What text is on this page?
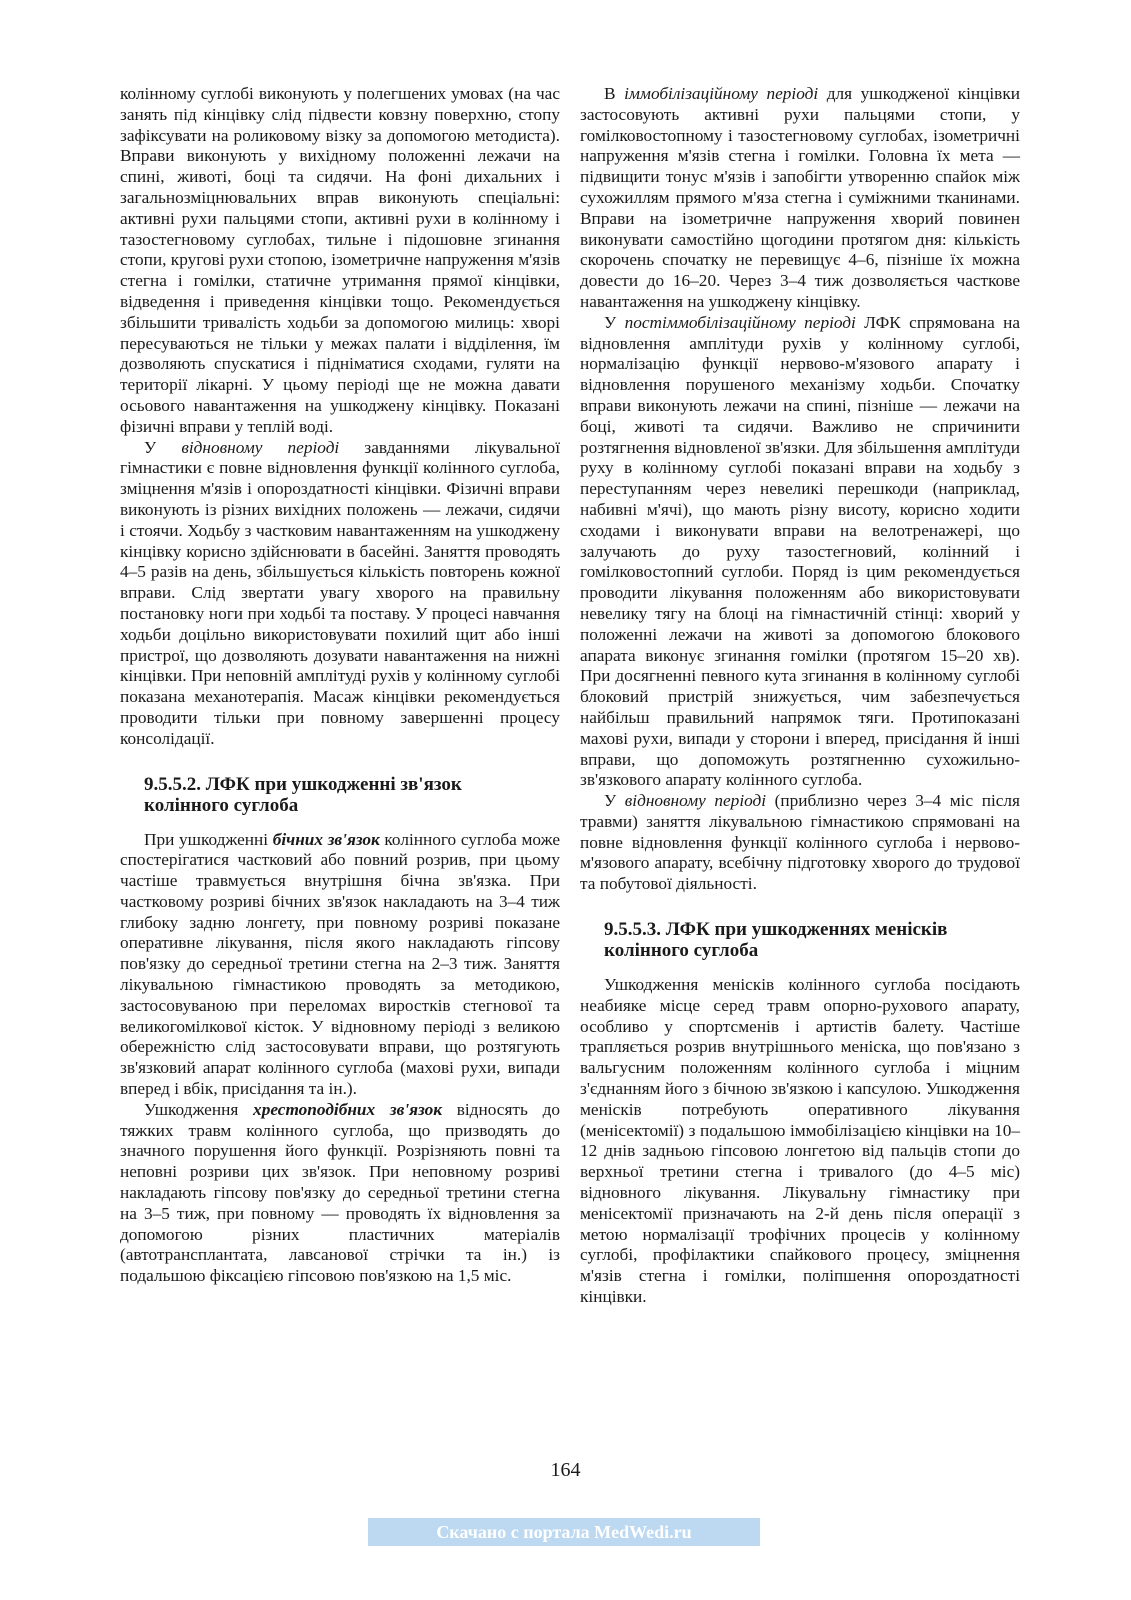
колінному суглобі виконують у полегшених умовах (на час занять під кінцівку слід підвести ковзну поверхню, стопу зафіксувати на роликовому візку за допомогою методиста). Вправи виконують у вихідному положенні лежачи на спині, животі, боці та сидячи. На фоні дихальних і загальнозміцнювальних вправ виконують спеціальні: активні рухи пальцями стопи, активні рухи в колінному і тазостегновому суглобах, тильне і підошовне згинання стопи, кругові рухи стопою, ізометричне напруження м'язів стегна і гомілки, статичне утримання прямої кінцівки, відведення і приведення кінцівки тощо. Рекомендується збільшити тривалість ходьби за допомогою милиць: хворі пересуваються не тільки у межах палати і відділення, їм дозволяють спускатися і підніматися сходами, гуляти на території лікарні. У цьому періоді ще не можна давати осьового навантаження на ушкоджену кінцівку. Показані фізичні вправи у теплій воді.

У відновному періоді завданнями лікувальної гімнастики є повне відновлення функції колінного суглоба, зміцнення м'язів і опороздатності кінцівки. Фізичні вправи виконують із різних вихідних положень — лежачи, сидячи і стоячи. Ходьбу з частковим навантаженням на ушкоджену кінцівку корисно здійснювати в басейні. Заняття проводять 4–5 разів на день, збільшується кількість повторень кожної вправи. Слід звертати увагу хворого на правильну постановку ноги при ходьбі та поставу. У процесі навчання ходьби доцільно використовувати похилий щит або інші пристрої, що дозволяють дозувати навантаження на нижні кінцівки. При неповній амплітуді рухів у колінному суглобі показана механотерапія. Масаж кінцівки рекомендується проводити тільки при повному завершенні процесу консолідації.

9.5.5.2. ЛФК при ушкодженні зв'язок
колінного суглоба

При ушкодженні бічних зв'язок колінного суглоба може спостерігатися частковий або повний розрив, при цьому частіше травмується внутрішня бічна зв'язка. При частковому розриві бічних зв'язок накладають на 3–4 тиж глибоку задню лонгету, при повному розриві показане оперативне лікування, після якого накладають гіпсову пов'язку до середньої третини стегна на 2–3 тиж. Заняття лікувальною гімнастикою проводять за методикою, застосовуваною при переломах виростків стегнової та великогомілкової кісток. У відновному періоді з великою обережністю слід застосовувати вправи, що розтягують зв'язковий апарат колінного суглоба (махові рухи, випади вперед і вбік, присідання та ін.).

Ушкодження хрестоподібних зв'язок відносять до тяжких травм колінного суглоба, що призводять до значного порушення його функції. Розрізняють повні та неповні розриви цих зв'язок. При неповному розриві накладають гіпсову пов'язку до середньої третини стегна на 3–5 тиж, при повному — проводять їх відновлення за допомогою різних пластичних матеріалів (автотрансплантата, лавсанової стрічки та ін.) із подальшою фіксацією гіпсовою пов'язкою на 1,5 міс.

В іммобілізаційному періоді для ушкодженої кінцівки застосовують активні рухи пальцями стопи, у гомілковостопному і тазостегновому суглобах, ізометричні напруження м'язів стегна і гомілки. Головна їх мета — підвищити тонус м'язів і запобігти утворенню спайок між сухожиллям прямого м'яза стегна і суміжними тканинами. Вправи на ізометричне напруження хворий повинен виконувати самостійно щогодини протягом дня: кількість скорочень спочатку не перевищує 4–6, пізніше їх можна довести до 16–20. Через 3–4 тиж дозволяється часткове навантаження на ушкоджену кінцівку.

У постіммобілізаційному періоді ЛФК спрямована на відновлення амплітуди рухів у колінному суглобі, нормалізацію функції нервово-м'язового апарату і відновлення порушеного механізму ходьби. Спочатку вправи виконують лежачи на спині, пізніше — лежачи на боці, животі та сидячи. Важливо не спричинити розтягнення відновленої зв'язки. Для збільшення амплітуди руху в колінному суглобі показані вправи на ходьбу з переступанням через невеликі перешкоди (наприклад, набивні м'ячі), що мають різну висоту, корисно ходити сходами і виконувати вправи на велотренажері, що залучають до руху тазостегновий, колінний і гомілковостопний суглоби. Поряд із цим рекомендується проводити лікування положенням або використовувати невелику тягу на блоці на гімнастичній стінці: хворий у положенні лежачи на животі за допомогою блокового апарата виконує згинання гомілки (протягом 15–20 хв). При досягненні певного кута згинання в колінному суглобі блоковий пристрій знижується, чим забезпечується найбільш правильний напрямок тяги. Протипоказані махові рухи, випади у сторони і вперед, присідання й інші вправи, що допоможуть розтягненню сухожильно-зв'язкового апарату колінного суглоба.

У відновному періоді (приблизно через 3–4 міс після травми) заняття лікувальною гімнастикою спрямовані на повне відновлення функції колінного суглоба і нервово-м'язового апарату, всебічну підготовку хворого до трудової та побутової діяльності.

9.5.5.3. ЛФК при ушкодженнях менісків
колінного суглоба

Ушкодження менісків колінного суглоба посідають неабияке місце серед травм опорно-рухового апарату, особливо у спортсменів і артистів балету. Частіше трапляється розрив внутрішнього меніска, що пов'язано з вальгусним положенням колінного суглоба і міцним з'єднанням його з бічною зв'язкою і капсулою. Ушкодження менісків потребують оперативного лікування (менісектомії) з подальшою іммобілізацією кінцівки на 10–12 днів задньою гіпсовою лонгетою від пальців стопи до верхньої третини стегна і тривалого (до 4–5 міс) відновного лікування. Лікувальну гімнастику при менісектомії призначають на 2-й день після операції з метою нормалізації трофічних процесів у колінному суглобі, профілактики спайкового процесу, зміцнення м'язів стегна і гомілки, поліпшення опороздатності кінцівки.

164
Скачано с портала MedWedi.ru
